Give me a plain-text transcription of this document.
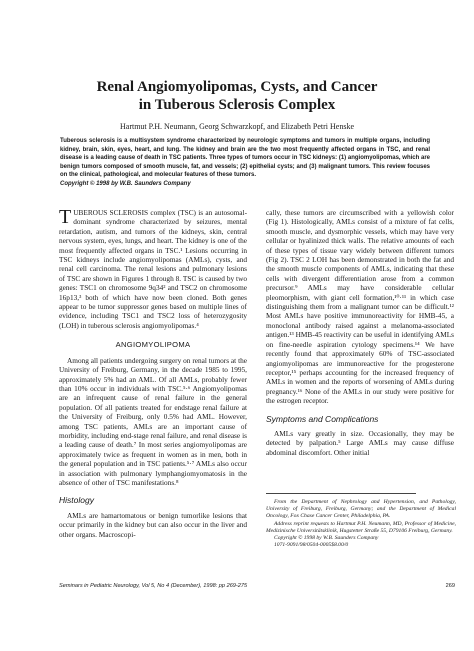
Renal Angiomyolipomas, Cysts, and Cancer
in Tuberous Sclerosis Complex
Hartmut P.H. Neumann, Georg Schwarzkopf, and Elizabeth Petri Henske
Tuberous sclerosis is a multisystem syndrome characterized by neurologic symptoms and tumors in multiple organs, including kidney, brain, skin, eyes, heart, and lung. The kidney and brain are the two most frequently affected organs in TSC, and renal disease is a leading cause of death in TSC patients. Three types of tumors occur in TSC kidneys: (1) angiomyolipomas, which are benign tumors composed of smooth muscle, fat, and vessels; (2) epithelial cysts; and (3) malignant tumors. This review focuses on the clinical, pathological, and molecular features of these tumors.
Copyright © 1998 by W.B. Saunders Company

T UBEROUS SCLEROSIS complex (TSC) is an autosomal-dominant syndrome characterized by seizures, mental retardation, autism, and tumors of the kidneys, skin, central nervous system, eyes, lungs, and heart. The kidney is one of the most frequently affected organs in TSC.¹ Lesions occurring in TSC kidneys include angiomyolipomas (AMLs), cysts, and renal cell carcinoma. The renal lesions and pulmonary lesions of TSC are shown in Figures 1 through 8. TSC is caused by two genes: TSC1 on chromosome 9q34² and TSC2 on chromosome 16p13,³ both of which have now been cloned. Both genes appear to be tumor suppressor genes based on multiple lines of evidence, including TSC1 and TSC2 loss of heterozygosity (LOH) in tuberous sclerosis angiomyolipomas.⁴

ANGIOMYOLIPOMA

Among all patients undergoing surgery on renal tumors at the University of Freiburg, Germany, in the decade 1985 to 1995, approximately 5% had an AML. Of all AMLs, probably fewer than 10% occur in individuals with TSC.⁵·⁶ Angiomyolipomas are an infrequent cause of renal failure in the general population. Of all patients treated for endstage renal failure at the University of Freiburg, only 0.5% had AML. However, among TSC patients, AMLs are an important cause of morbidity, including end-stage renal failure, and renal disease is a leading cause of death.⁷ In most series angiomyolipomas are approximately twice as frequent in women as in men, both in the general population and in TSC patients.⁵·⁷ AMLs also occur in association with pulmonary lymphangiomyomatosis in the absence of other of TSC manifestations.⁸

Histology

AMLs are hamartomatous or benign tumorlike lesions that occur primarily in the kidney but can also occur in the liver and other organs. Macroscopi-

cally, these tumors are circumscribed with a yellowish color (Fig 1). Histologically, AMLs consist of a mixture of fat cells, smooth muscle, and dysmorphic vessels, which may have very cellular or hyalinized thick walls. The relative amounts of each of these types of tissue vary widely between different tumors (Fig 2). TSC 2 LOH has been demonstrated in both the fat and the smooth muscle components of AMLs, indicating that these cells with divergent differentiation arose from a common precursor.⁹ AMLs may have considerable cellular pleomorphism, with giant cell formation,¹⁰·¹¹ in which case distinguishing them from a malignant tumor can be difficult.¹² Most AMLs have positive immunoreactivity for HMB-45, a monoclonal antibody raised against a melanoma-associated antigen.¹³ HMB-45 reactivity can be useful in identifying AMLs on fine-needle aspiration cytology specimens.¹⁴ We have recently found that approximately 60% of TSC-associated angiomyolipomas are immunoreactive for the progesterone receptor,¹⁵ perhaps accounting for the increased frequency of AMLs in women and the reports of worsening of AMLs during pregnancy.¹⁶ None of the AMLs in our study were positive for the estrogen receptor.

Symptoms and Complications

AMLs vary greatly in size. Occasionally, they may be detected by palpation.⁵ Large AMLs may cause diffuse abdominal discomfort. Other initial

From the Department of Nephrology and Hypertension, and Pathology, University of Freiburg, Freiburg, Germany; and the Department of Medical Oncology, Fox Chase Cancer Center, Philadelphia, PA.

Address reprint requests to Hartmut P.H. Neumann, MD, Professor of Medicine, Medizinische Universitätsklinik, Hugstetter Straße 55, D79106 Freiburg, Germany.

Copyright © 1998 by W.B. Saunders Company

1071-9091/98/0504-0005$8.00/0

Seminars in Pediatric Neurology, Vol 5, No 4 (December), 1998: pp 269-275	269
